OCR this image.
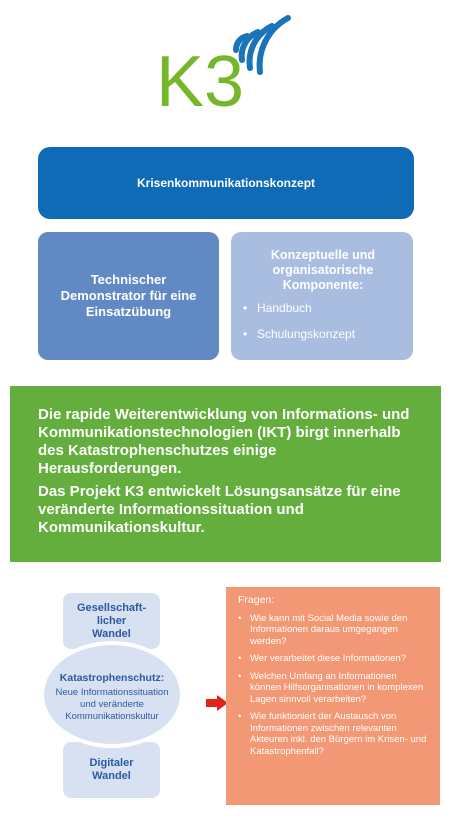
K3
Krisenkommunikationskonzept
Technischer Demonstrator für eine Einsatzübung
Konzeptuelle und organisatorische Komponente:
• Handbuch
• Schulungskonzept

Die rapide Weiterentwicklung von Informations- und Kommunikationstechnologien (IKT) birgt innerhalb des Katastrophenschutzes einige Herausforderungen.

Das Projekt K3 entwickelt Lösungsansätze für eine veränderte Informationssituation und Kommunikationskultur.

Gesellschaft-licher Wandel
Digitaler Wandel
Katastrophenschutz:
Neue Informationssituation und veränderte Kommunikationskultur
Fragen:
• Wie kann mit Social Media sowie den Informationen daraus umgegangen werden?
• Wer verarbeitet diese Informationen?
• Welchen Umfang an Informationen können Hilfsorganisationen in komplexen Lagen sinnvoll verarbeiten?
• Wie funktioniert der Austausch von Informationen zwischen relevanten Akteuren inkl. den Bürgern im Krisen- und Katastrophenfall?
